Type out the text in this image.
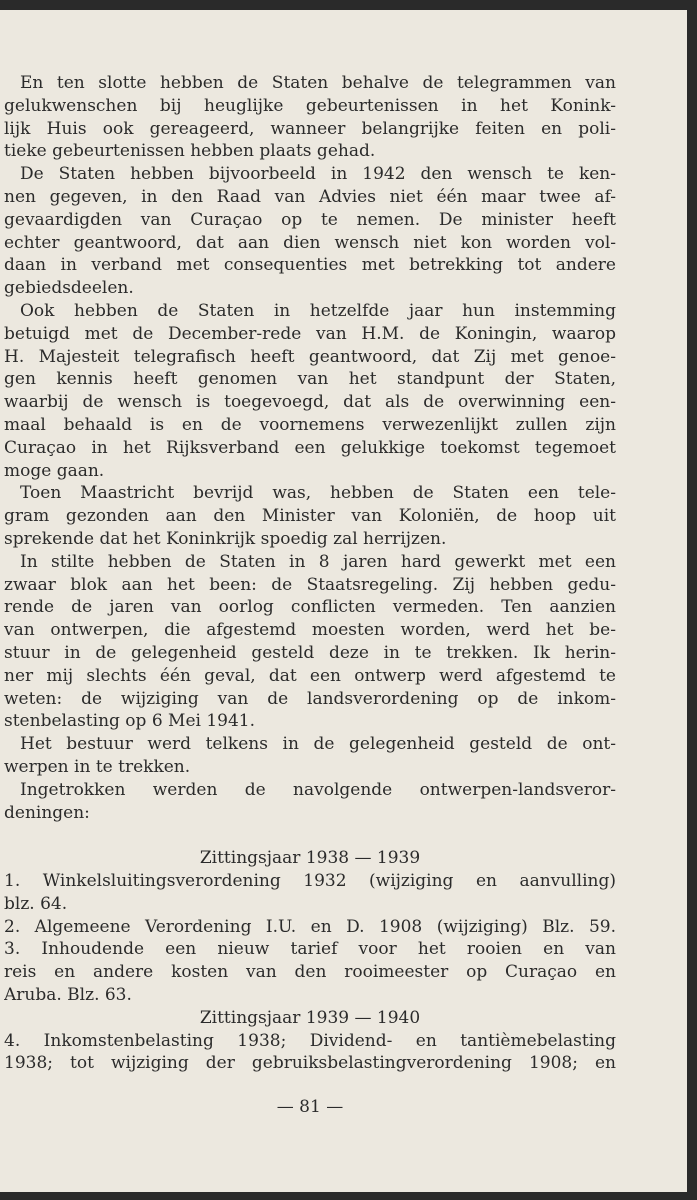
En ten slotte hebben de Staten behalve de telegrammen van
gelukwenschen bij heuglijke gebeurtenissen in het Konink-
lijk Huis ook gereageerd, wanneer belangrijke feiten en poli-
tieke gebeurtenissen hebben plaats gehad.
De Staten hebben bijvoorbeeld in 1942 den wensch te ken-
nen gegeven, in den Raad van Advies niet één maar twee af-
gevaardigden van Curaçao op te nemen. De minister heeft
echter geantwoord, dat aan dien wensch niet kon worden vol-
daan in verband met consequenties met betrekking tot andere
gebiedsdeelen.
Ook hebben de Staten in hetzelfde jaar hun instemming
betuigd met de December-rede van H.M. de Koningin, waarop
H. Majesteit telegrafisch heeft geantwoord, dat Zij met genoe-
gen kennis heeft genomen van het standpunt der Staten,
waarbij de wensch is toegevoegd, dat als de overwinning een-
maal behaald is en de voornemens verwezenlijkt zullen zijn
Curaçao in het Rijksverband een gelukkige toekomst tegemoet
moge gaan.
Toen Maastricht bevrijd was, hebben de Staten een tele-
gram gezonden aan den Minister van Koloniën, de hoop uit
sprekende dat het Koninkrijk spoedig zal herrijzen.
In stilte hebben de Staten in 8 jaren hard gewerkt met een
zwaar blok aan het been: de Staatsregeling. Zij hebben gedu-
rende de jaren van oorlog conflicten vermeden. Ten aanzien
van ontwerpen, die afgestemd moesten worden, werd het be-
stuur in de gelegenheid gesteld deze in te trekken. Ik herin-
ner mij slechts één geval, dat een ontwerp werd afgestemd te
weten: de wijziging van de landsverordening op de inkom-
stenbelasting op 6 Mei 1941.
Het bestuur werd telkens in de gelegenheid gesteld de ont-
werpen in te trekken.
Ingetrokken werden de navolgende ontwerpen-landsveror-
deningen:
Zittingsjaar 1938 — 1939
1. Winkelsluitingsverordening 1932 (wijziging en aanvulling)
blz. 64.
2. Algemeene Verordening I.U. en D. 1908 (wijziging) Blz. 59.
3. Inhoudende een nieuw tarief voor het rooien en van
reis en andere kosten van den rooimeester op Curaçao en
Aruba. Blz. 63.
Zittingsjaar 1939 — 1940
4. Inkomstenbelasting 1938; Dividend- en tantièmebelasting
1938; tot wijziging der gebruiksbelastingverordening 1908; en
— 81 —
